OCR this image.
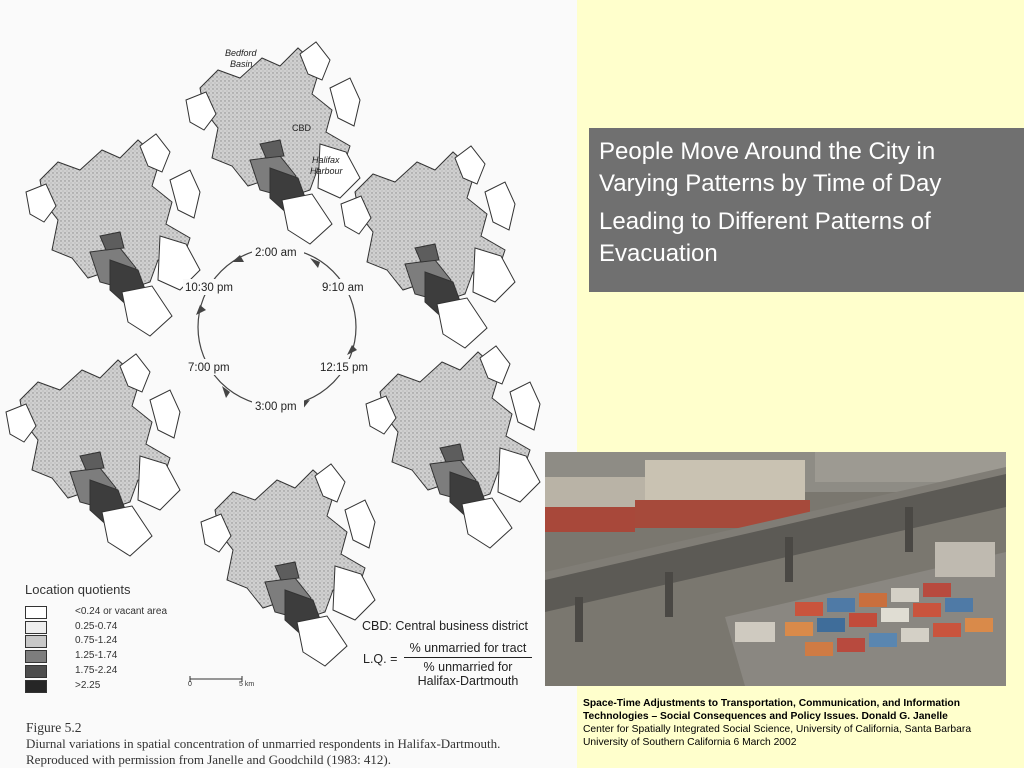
Bedford
Basin
CBD
Halifax
Harbour
2:00 am
9:10 am
12:15 pm
3:00 pm
7:00 pm
10:30 pm
Location quotients
<0.24 or vacant area
0.25-0.74
0.75-1.24
1.25-1.74
1.75-2.24
>2.25
CBD: Central business district
L.Q. =
% unmarried for tract
% unmarried for
Halifax-Dartmouth
0	5 km
Figure 5.2
Diurnal variations in spatial concentration of unmarried respondents in Halifax-Dartmouth.
Reproduced with permission from Janelle and Goodchild (1983: 412).

People Move Around the City in Varying Patterns by Time of Day

Leading to Different Patterns of Evacuation

Space-Time Adjustments to Transportation, Communication, and Information Technologies – Social Consequences and Policy Issues. Donald G. Janelle
Center for Spatially Integrated Social Science, University of California, Santa Barbara
University of Southern California 6 March 2002
